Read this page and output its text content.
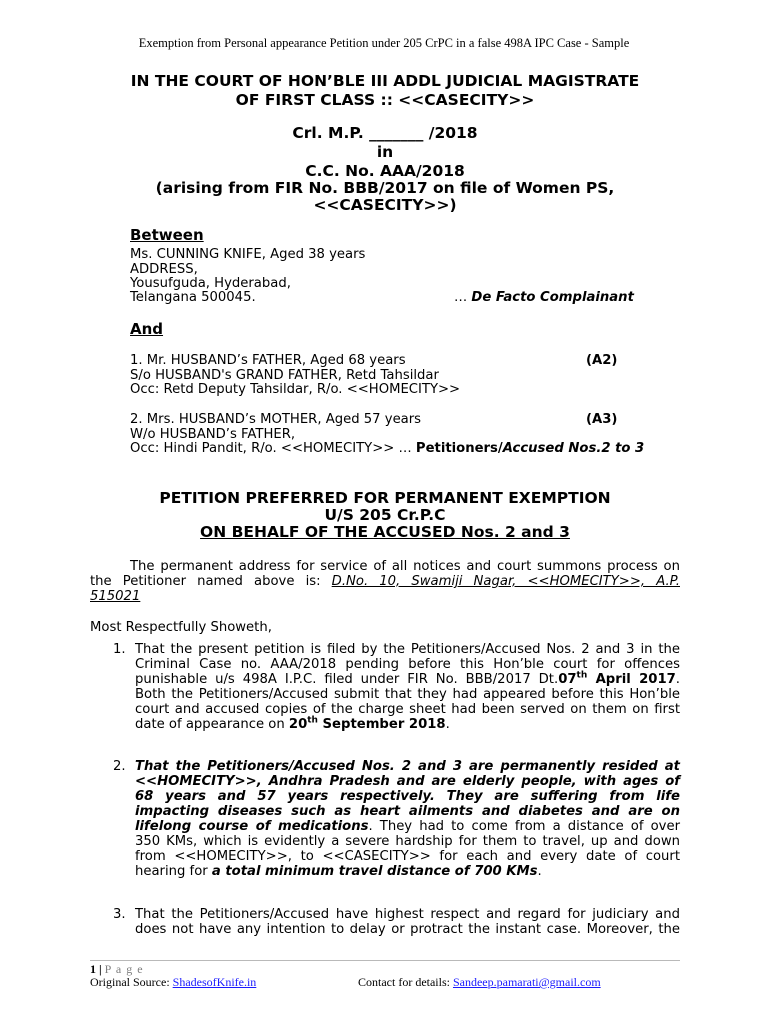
Exemption from Personal appearance Petition under 205 CrPC in a false 498A IPC Case - Sample
IN THE COURT OF HON’BLE III ADDL JUDICIAL MAGISTRATE
OF FIRST CLASS :: <<CASECITY>>
Crl. M.P. _______ /2018
in
C.C. No. AAA/2018
(arising from FIR No. BBB/2017 on file of Women PS,
<<CASECITY>>)
Between
Ms. CUNNING KNIFE, Aged 38 years
ADDRESS,
Yousufguda, Hyderabad,
Telangana 500045.	… De Facto Complainant
And
1. Mr. HUSBAND’s FATHER, Aged 68 years	(A2)
S/o HUSBAND's GRAND FATHER, Retd Tahsildar
Occ: Retd Deputy Tahsildar, R/o. <<HOMECITY>>
2. Mrs. HUSBAND’s MOTHER, Aged 57 years	(A3)
W/o HUSBAND’s FATHER,
Occ: Hindi Pandit, R/o. <<HOMECITY>> … Petitioners/Accused Nos.2 to 3
PETITION PREFERRED FOR PERMANENT EXEMPTION
U/S 205 Cr.P.C
ON BEHALF OF THE ACCUSED Nos. 2 and 3
The permanent address for service of all notices and court summons process on
the Petitioner named above is: D.No. 10, Swamiji Nagar, <<HOMECITY>>, A.P.
515021
Most Respectfully Showeth,
1. That the present petition is filed by the Petitioners/Accused Nos. 2 and 3 in the
Criminal Case no. AAA/2018 pending before this Hon’ble court for offences
punishable u/s 498A I.P.C. filed under FIR No. BBB/2017 Dt.07th April 2017.
Both the Petitioners/Accused submit that they had appeared before this Hon’ble
court and accused copies of the charge sheet had been served on them on first
date of appearance on 20th September 2018.
2. That the Petitioners/Accused Nos. 2 and 3 are permanently resided at
<<HOMECITY>>, Andhra Pradesh and are elderly people, with ages of
68 years and 57 years respectively. They are suffering from life
impacting diseases such as heart ailments and diabetes and are on
lifelong course of medications. They had to come from a distance of over
350 KMs, which is evidently a severe hardship for them to travel, up and down
from <<HOMECITY>>, to <<CASECITY>> for each and every date of court
hearing for a total minimum travel distance of 700 KMs.
3. That the Petitioners/Accused have highest respect and regard for judiciary and
does not have any intention to delay or protract the instant case. Moreover, the
1 | P a g e
Original Source: ShadesofKnife.in	Contact for details: Sandeep.pamarati@gmail.com
